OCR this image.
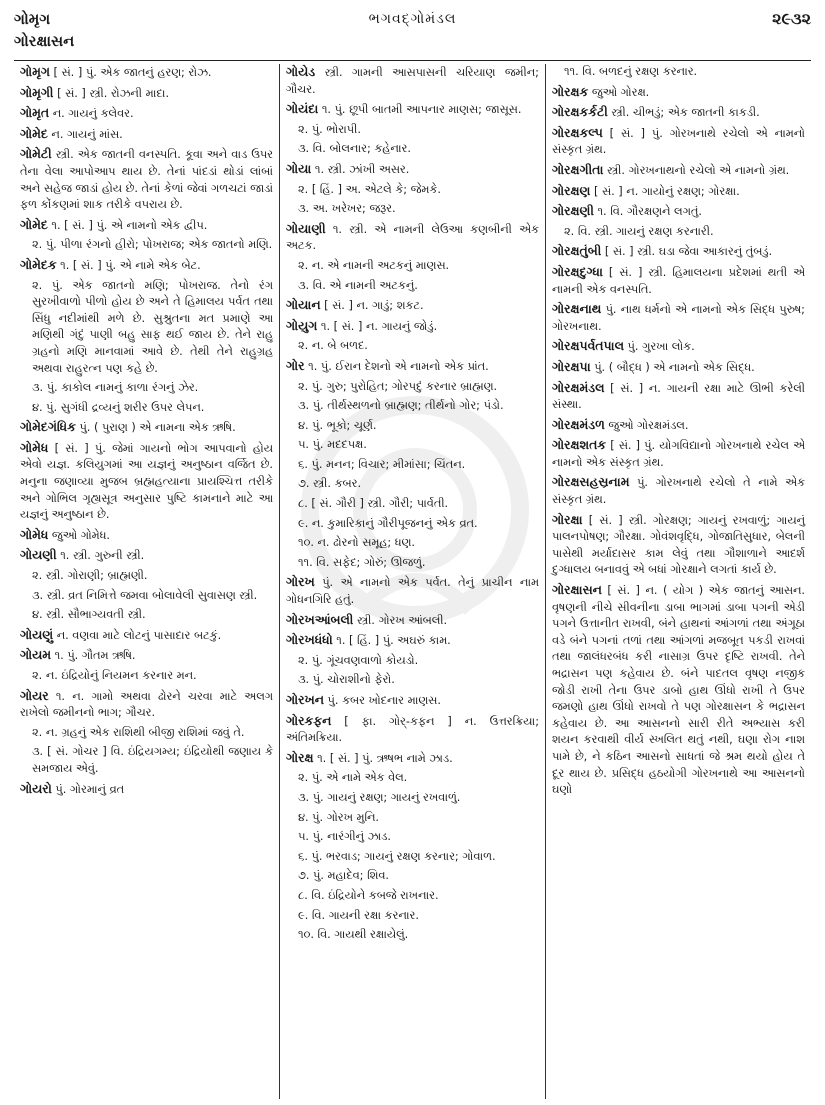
ગોમૃગ
ગોરક્ષાસન
ભગવદ્ગોમંડલ	૨૯૩૨
ગોમૃગ [ સં. ] પું. એક જાતનું હરણ; રોઝ.
ગોમૃગી [ સં. ] સ્ત્રી. રોઝની માદા.
ગોમૃત ન. ગાયનું કલેવર.
ગોમેદ ન. ગાયનું માંસ.
ગોમેટી સ્ત્રી. એક જાતની વનસ્પતિ. કૂવા અને વાડ ઉપર તેના વેલા આપોઆપ થાય છે. તેનાં પાંદડાં થોડાં લાંબાં અને સહેજ જાડાં હોય છે. તેનાં કેળાં જેવાં ગળચટાં જાડાં ફળ કોંકણમાં શાક તરીકે વપરાય છે.
ગોમેદ ૧. [ સં. ] પું. એ નામનો એક દ્વીપ.
૨. પું. પીળા રંગનો હીરો; પોખરાજ; એક જાતનો મણિ.
ગોમેદક ૧. [ સં. ] પું. એ નામે એક બેટ.
૨. પું. એક જાતનો મણિ; પોખરાજ. તેનો રંગ સુરખીવાળો પીળો હોય છે અને તે હિમાલય પર્વત તથા સિંધુ નદીમાંથી મળે છે. સુશ્રુતના મત પ્રમાણે આ મણિથી ગંદું પાણી બહુ સાફ થઈ જાય છે. તેને રાહુ ગ્રહનો મણિ માનવામાં આવે છે. તેથી તેને રાહુગ્રહ અથવા રાહુરત્ન પણ કહે છે.
૩. પું. કાકોલ નામનું કાળા રંગનું ઝેર.
૪. પું. સુગંધી દ્રવ્યનું શરીર ઉપર લેપન.
ગોમેદગંધિક પું. ( પુરાણ ) એ નામના એક ઋષિ.
ગોમેધ [ સં. ] પું. જેમાં ગાયનો ભોગ આપવાનો હોય એવો યજ્ઞ. કલિયુગમાં આ યજ્ઞનું અનુષ્ઠાન વર્જિત છે. મનુના જણાવ્યા મુજબ બ્રહ્મહત્યાના પ્રાયશ્ચિત્ત તરીકે અને ગોભિલ ગૃહ્યસૂત્ર અનુસાર પુષ્ટિ કામનાને માટે આ યજ્ઞનું અનુષ્ઠાન છે.
ગોમેધ જુઓ ગોમેધ.
ગોયણી ૧. સ્ત્રી. ગુરુની સ્ત્રી.
૨. સ્ત્રી. ગોરાણી; બ્રાહ્મણી.
૩. સ્ત્રી. વ્રત નિમિત્તે જમવા બોલાવેલી સુવાસણ સ્ત્રી.
૪. સ્ત્રી. સૌભાગ્યવતી સ્ત્રી.
ગોયણું ન. વણવા માટે લોટનું પાસાદાર બટકું.
ગોયમ ૧. પું. ગૌતમ ઋષિ.
૨. ન. ઇંદ્રિયોનું નિયમન કરનાર મન.
ગોયર ૧. ન. ગામો અથવા ઢોરને ચરવા માટે અલગ રાખેલો જમીનનો ભાગ; ગૌચર.
૨. ન. ગ્રહનું એક રાશિથી બીજી રાશિમાં જવું તે.
૩. [ સં. ગોચર ] વિ. ઇંદ્રિયગમ્ય; ઇંદ્રિયોથી જણાય કે સમજાય એવું.
ગોયરો પું. ગોરમાનું વ્રત
ગોયેડ સ્ત્રી. ગામની આસપાસની ચરિયાણ જમીન; ગૌચર.
ગોયંદા ૧. પું. છૂપી બાતમી આપનાર માણસ; જાસૂસ.
૨. પું. ભોરાપી.
૩. વિ. બોલનાર; કહેનાર.
ગોયા ૧. સ્ત્રી. ઝાંખી અસર.
૨. [ હિં. ] અ. એટલે કે; જેમકે.
૩. અ. ખરેખર; જરૂર.
ગોયાણી ૧. સ્ત્રી. એ નામની લેઉઆ કણબીની એક અટક.
૨. ન. એ નામની અટકનું માણસ.
૩. વિ. એ નામની અટકનું.
ગોયાન [ સં. ] ન. ગાડું; શકટ.
ગોયુગ ૧. [ સં. ] ન. ગાયનું જોડું.
૨. ન. બે બળદ.
ગોર ૧. પું. ઈરાન દેશનો એ નામનો એક પ્રાંત.
૨. પું. ગુરુ; પુરોહિત; ગોરપદું કરનાર બ્રાહ્મણ.
૩. પું. તીર્થસ્થળનો બ્રાહ્મણ; તીર્થનો ગોર; પંડો.
૪. પું. ભૂકો; ચૂર્ણ.
૫. પું. મદદપક્ષ.
૬. પું. મનન; વિચાર; મીમાંસા; ચિંતન.
૭. સ્ત્રી. કબર.
૮. [ સં. ગૌરી ] સ્ત્રી. ગૌરી; પાર્વતી.
૯. ન. કુમારિકાનું ગૌરીપૂજનનું એક વ્રત.
૧૦. ન. ઢોરનો સમૂહ; ધણ.
૧૧. વિ. સફેદ; ગોરું; ઊજળું.
ગોરખ પું. એ નામનો એક પર્વત. તેનું પ્રાચીન નામ ગોધનગિરિ હતું.
ગોરખઆંબલી સ્ત્રી. ગોરખ આંબલી.
ગોરખધંધો ૧. [ હિં. ] પું. અઘરું કામ.
૨. પું. ગૂંચવણવાળો કોયડો.
૩. પું. ચોરાશીનો ફેરો.
ગોરખન પું. કબર ખોદનાર માણસ.
ગોરકફન [ ફા. ગોર્-કફન ] ન. ઉત્તરક્રિયા; અંતિમક્રિયા.
ગોરક્ષ ૧. [ સં. ] પું. ઋષભ નામે ઝાડ.
૨. પું. એ નામે એક વેલ.
૩. પું. ગાયનું રક્ષણ; ગાયનું રખવાળું.
૪. પું. ગોરખ મુનિ.
૫. પું. નારંગીનું ઝાડ.
૬. પું. ભરવાડ; ગાયનું રક્ષણ કરનાર; ગોવાળ.
૭. પું. મહાદેવ; શિવ.
૮. વિ. ઇંદ્રિયોને કબજે રાખનાર.
૯. વિ. ગાયની રક્ષા કરનાર.
૧૦. વિ. ગાયથી રક્ષાયેલું.
૧૧. વિ. બળદનું રક્ષણ કરનાર.
ગોરક્ષક જુઓ ગોરક્ષ.
ગોરક્ષકર્કટી સ્ત્રી. ચીભડું; એક જાતની કાકડી.
ગોરક્ષકલ્પ [ સં. ] પું. ગોરખનાથે રચેલો એ નામનો સંસ્કૃત ગ્રંથ.
ગોરક્ષગીતા સ્ત્રી. ગોરખનાથનો રચેલો એ નામનો ગ્રંથ.
ગોરક્ષણ [ સં. ] ન. ગાયોનું રક્ષણ; ગોરક્ષા.
ગોરક્ષણી ૧. વિ. ગૌરક્ષણને લગતું.
૨. વિ. સ્ત્રી. ગાયનું રક્ષણ કરનારી.
ગોરક્ષતુંબી [ સં. ] સ્ત્રી. ઘડા જેવા આકારનું તુંબડું.
ગોરક્ષદુગ્ધા [ સં. ] સ્ત્રી. હિમાલયના પ્રદેશમાં થતી એ નામની એક વનસ્પતિ.
ગોરક્ષનાથ પું. નાથ ધર્મનો એ નામનો એક સિદ્ધ પુરુષ; ગોરખનાથ.
ગોરક્ષપર્વતપાલ પું. ગુરખા લોક.
ગોરક્ષપા પું. ( બૌદ્ધ ) એ નામનો એક સિદ્ધ.
ગોરક્ષમંડલ [ સં. ] ન. ગાયની રક્ષા માટે ઊભી કરેલી સંસ્થા.
ગોરક્ષમંડળ જુઓ ગોરક્ષમંડલ.
ગોરક્ષશતક [ સં. ] પું. યોગવિદ્યાનો ગોરખનાથે રચેલ એ નામનો એક સંસ્કૃત ગ્રંથ.
ગોરક્ષસહસ્રનામ પું. ગોરખનાથે રચેલો તે નામે એક સંસ્કૃત ગ્રંથ.
ગોરક્ષા [ સં. ] સ્ત્રી. ગોરક્ષણ; ગાયનું રખવાળું; ગાયનું પાલનપોષણ; ગૌરક્ષા. ગોવંશવૃદ્ધિ, ગોજાતિસુધાર, બેલની પાસેથી મર્યાદાસર કામ લેવું તથા ગૌશાળાને આદર્શ દુગ્ધાલય બનાવવું એ બધાં ગોરક્ષાને લગતાં કાર્ય છે.
ગોરક્ષાસન [ સં. ] ન. ( યોગ ) એક જાતનું આસન. વૃષણની નીચે સીવનીના ડાબા ભાગમાં ડાબા પગની એડી પગને ઉત્તાનીત રાખવી, બંને હાથનાં આંગળાં તથા અંગૂઠા વડે બંને પગનાં તળાં તથા આંગળાં મજબૂત પકડી રાખવાં તથા જાલંધરબંધ કરી નાસાગ્ર ઉપર દૃષ્ટિ રાખવી. તેને ભદ્રાસન પણ કહેવાય છે. બંને પાદતલ વૃષણ નજીક જોડી રાખી તેના ઉપર ડાબો હાથ ઊંધો રાખી તે ઉપર જમણો હાથ ઊંધો રાખવો તે પણ ગોરક્ષાસન કે ભદ્રાસન કહેવાય છે. આ આસનનો સારી રીતે અભ્યાસ કરી શયન કરવાથી વીર્ય સ્ખલિત થતું નથી, ઘણા રોગ નાશ પામે છે, ને કઠિન આસનો સાધતાં જે શ્રમ થયો હોય તે દૂર થાય છે. પ્રસિદ્ધ હઠયોગી ગોરખનાથે આ આસનનો ઘણો
